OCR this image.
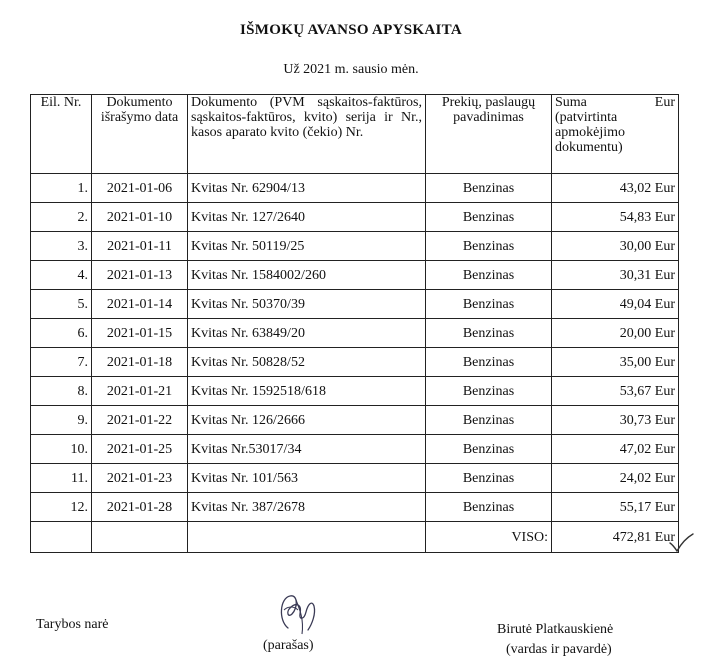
IŠMOKŲ AVANSO APYSKAITA
Už 2021 m. sausio mėn.
Eil. Nr.	Dokumento išrašymo data	Dokumento (PVM sąskaitos-faktūros, sąskaitos-faktūros, kvito) serija ir Nr., kasos aparato kvito (čekio) Nr.	Prekių, paslaugų pavadinimas	Suma Eur
(patvirtinta apmokėjimo dokumentu)

1.	2021-01-06	Kvitas Nr. 62904/13	Benzinas	43,02 Eur
2.	2021-01-10	Kvitas Nr. 127/2640	Benzinas	54,83 Eur
3.	2021-01-11	Kvitas Nr. 50119/25	Benzinas	30,00 Eur
4.	2021-01-13	Kvitas Nr. 1584002/260	Benzinas	30,31 Eur
5.	2021-01-14	Kvitas Nr. 50370/39	Benzinas	49,04 Eur
6.	2021-01-15	Kvitas Nr. 63849/20	Benzinas	20,00 Eur
7.	2021-01-18	Kvitas Nr. 50828/52	Benzinas	35,00 Eur
8.	2021-01-21	Kvitas Nr. 1592518/618	Benzinas	53,67 Eur
9.	2021-01-22	Kvitas Nr. 126/2666	Benzinas	30,73 Eur
10.	2021-01-25	Kvitas Nr.53017/34	Benzinas	47,02 Eur
11.	2021-01-23	Kvitas Nr. 101/563	Benzinas	24,02 Eur
12.	2021-01-28	Kvitas Nr. 387/2678	Benzinas	55,17 Eur
			VISO:	472,81 Eur
Tarybos narė
(parašas)
Birutė Platkauskienė
(vardas ir pavardė)
